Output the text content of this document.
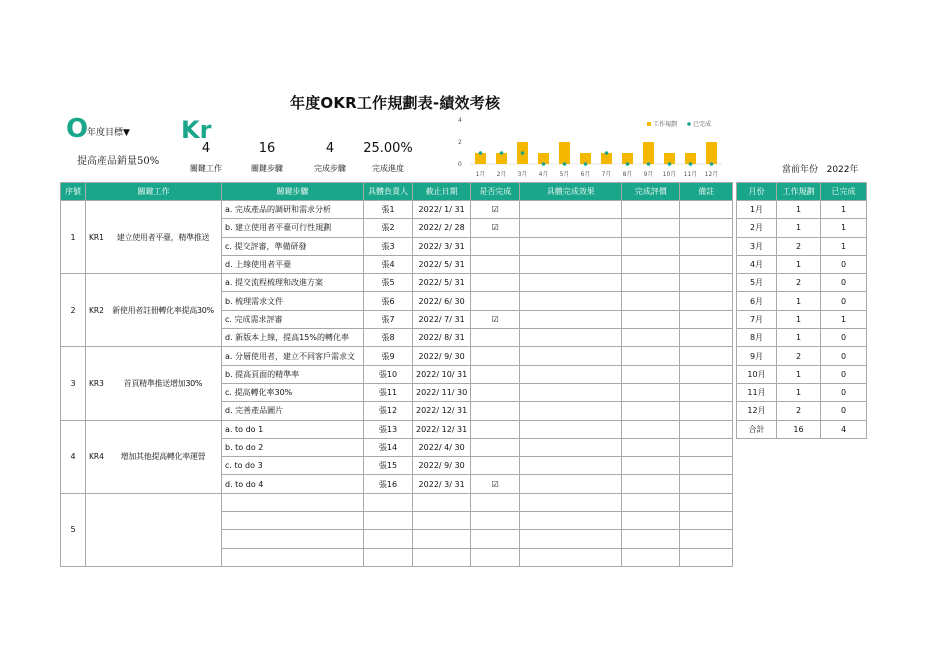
年度OKR工作規劃表-績效考核
O
年度目標▼
提高產品銷量50%
Kr
4
關鍵工作
16
關鍵步驟
4
完成步驟
25.00%
完成進度	當前年份 2022年
0
2
4
1月 2月 3月 4月 5月 6月 7月 8月 9月 10月 11月 12月
工作規劃	已完成
序號	關鍵工作	關鍵步驟	具體負責人	截止日期	是否完成	具體完成效果	完成評價	備註
1	KR1 建立使用者平臺，精準推送	a. 完成產品的調研和需求分析	張1	2022/ 1/ 31	☑			
		b. 建立使用者平臺可行性規劃	張2	2022/ 2/ 28	☑			
		c. 提交評審，準備研發	張3	2022/ 3/ 31				
		d. 上線使用者平臺	張4	2022/ 5/ 31				
2	KR2 新使用者註冊轉化率提高30%	a. 提交流程梳理和改進方案	張5	2022/ 5/ 31				
		b. 梳理需求文件	張6	2022/ 6/ 30				
		c. 完成需求評審	張7	2022/ 7/ 31	☑			
		d. 新版本上線，提高15%的轉化率	張8	2022/ 8/ 31				
3	KR3 首頁精準推送增加30%	a. 分層使用者，建立不同客戶需求文	張9	2022/ 9/ 30				
		b. 提高頁面的精準率	張10	2022/ 10/ 31				
		c. 提高轉化率30%	張11	2022/ 11/ 30				
		d. 完善產品圖片	張12	2022/ 12/ 31				
4	KR4 增加其他提高轉化率運營	a. to do 1	張13	2022/ 12/ 31				
		b. to do 2	張14	2022/ 4/ 30				
		c. to do 3	張15	2022/ 9/ 30				
		d. to do 4	張16	2022/ 3/ 31	☑			
5								

月份	工作規劃	已完成
1月	1	1
2月	1	1
3月	2	1
4月	1	0
5月	2	0
6月	1	0
7月	1	1
8月	1	0
9月	2	0
10月	1	0
11月	1	0
12月	2	0
合計	16	4
